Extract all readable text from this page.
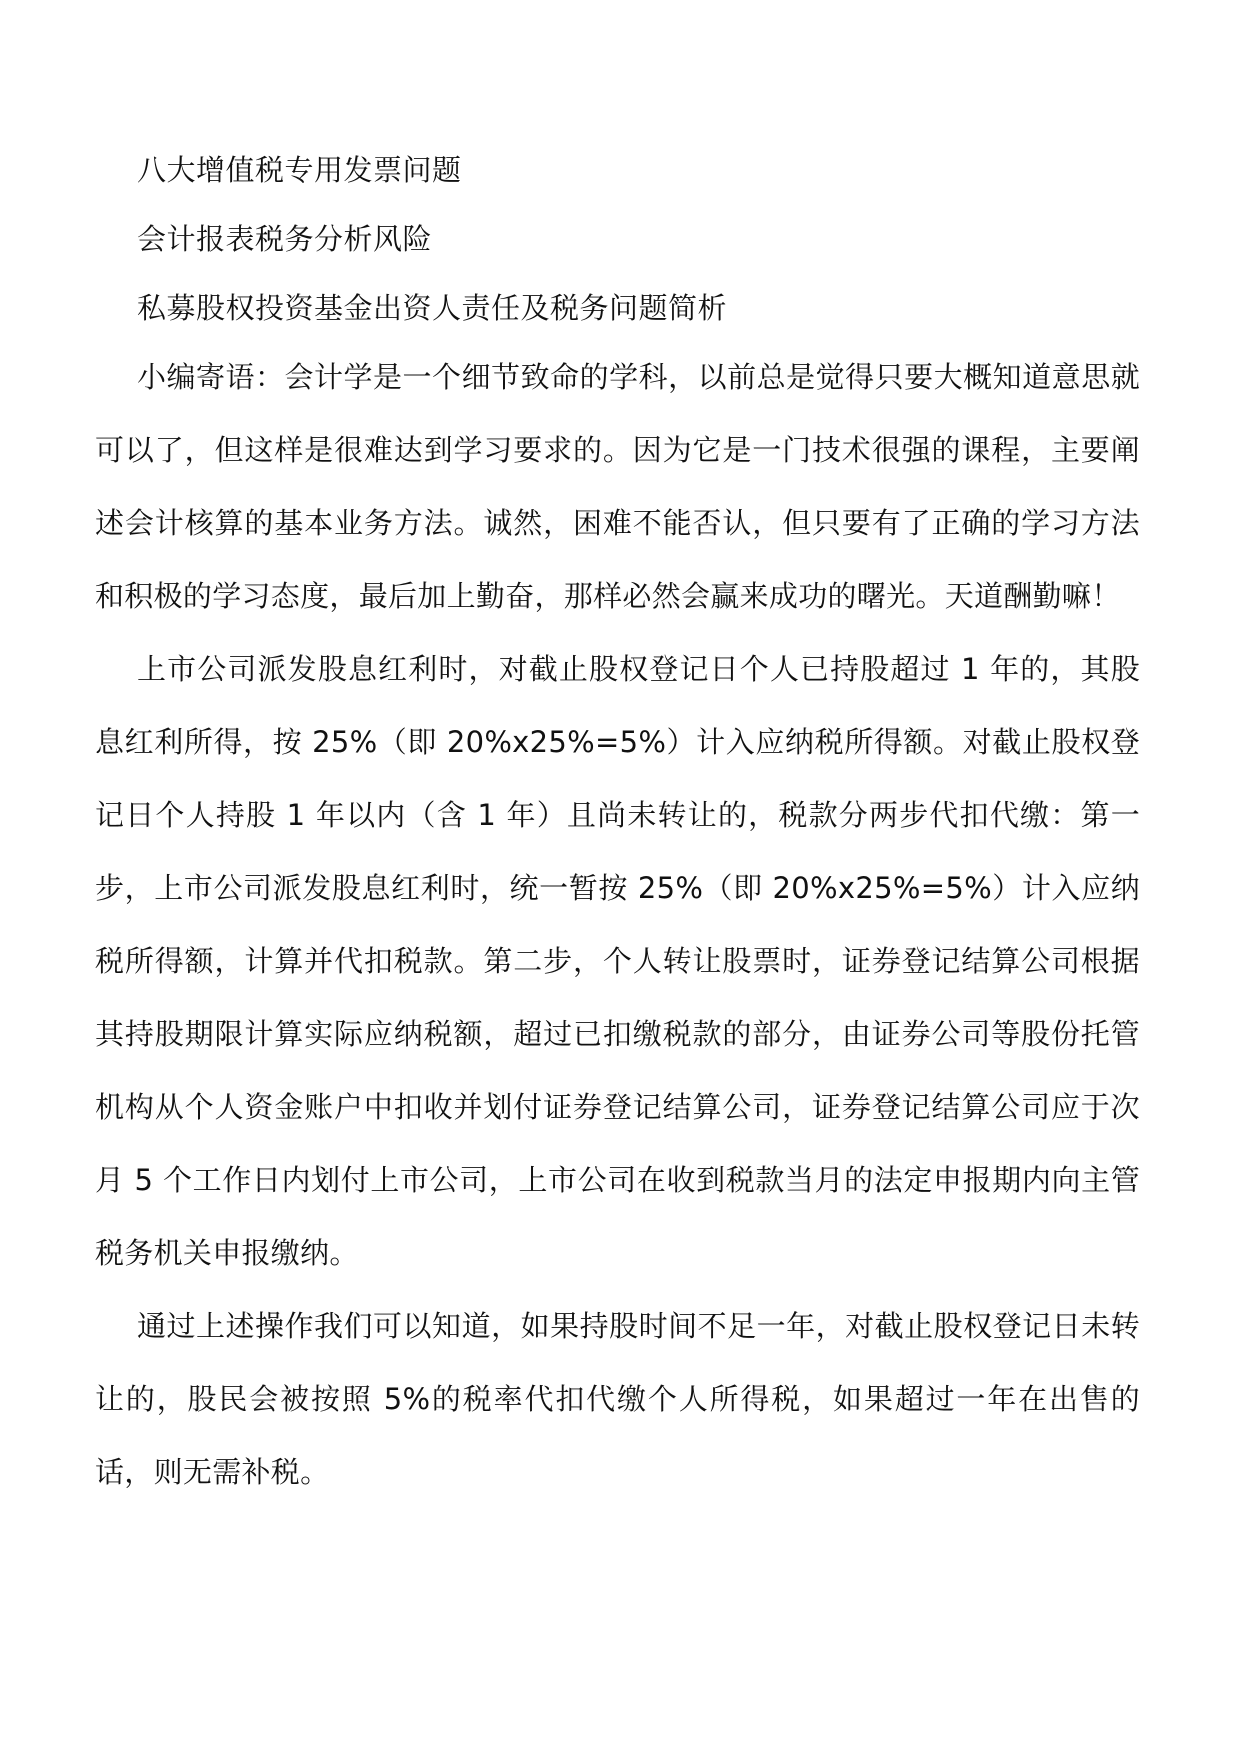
八大增值税专用发票问题
会计报表税务分析风险
私募股权投资基金出资人责任及税务问题简析

小编寄语：会计学是一个细节致命的学科，以前总是觉得只要大概知道意思就可以了，但这样是很难达到学习要求的。因为它是一门技术很强的课程，主要阐述会计核算的基本业务方法。诚然，困难不能否认，但只要有了正确的学习方法和积极的学习态度，最后加上勤奋，那样必然会赢来成功的曙光。天道酬勤嘛！

上市公司派发股息红利时，对截止股权登记日个人已持股超过 1 年的，其股息红利所得，按 25%（即 20%x25%=5%）计入应纳税所得额。对截止股权登记日个人持股 1 年以内（含 1 年）且尚未转让的，税款分两步代扣代缴：第一步，上市公司派发股息红利时，统一暂按 25%（即 20%x25%=5%）计入应纳税所得额，计算并代扣税款。第二步，个人转让股票时，证券登记结算公司根据其持股期限计算实际应纳税额，超过已扣缴税款的部分，由证券公司等股份托管机构从个人资金账户中扣收并划付证券登记结算公司，证券登记结算公司应于次月 5 个工作日内划付上市公司，上市公司在收到税款当月的法定申报期内向主管税务机关申报缴纳。

通过上述操作我们可以知道，如果持股时间不足一年，对截止股权登记日未转让的，股民会被按照 5%的税率代扣代缴个人所得税，如果超过一年在出售的话，则无需补税。
